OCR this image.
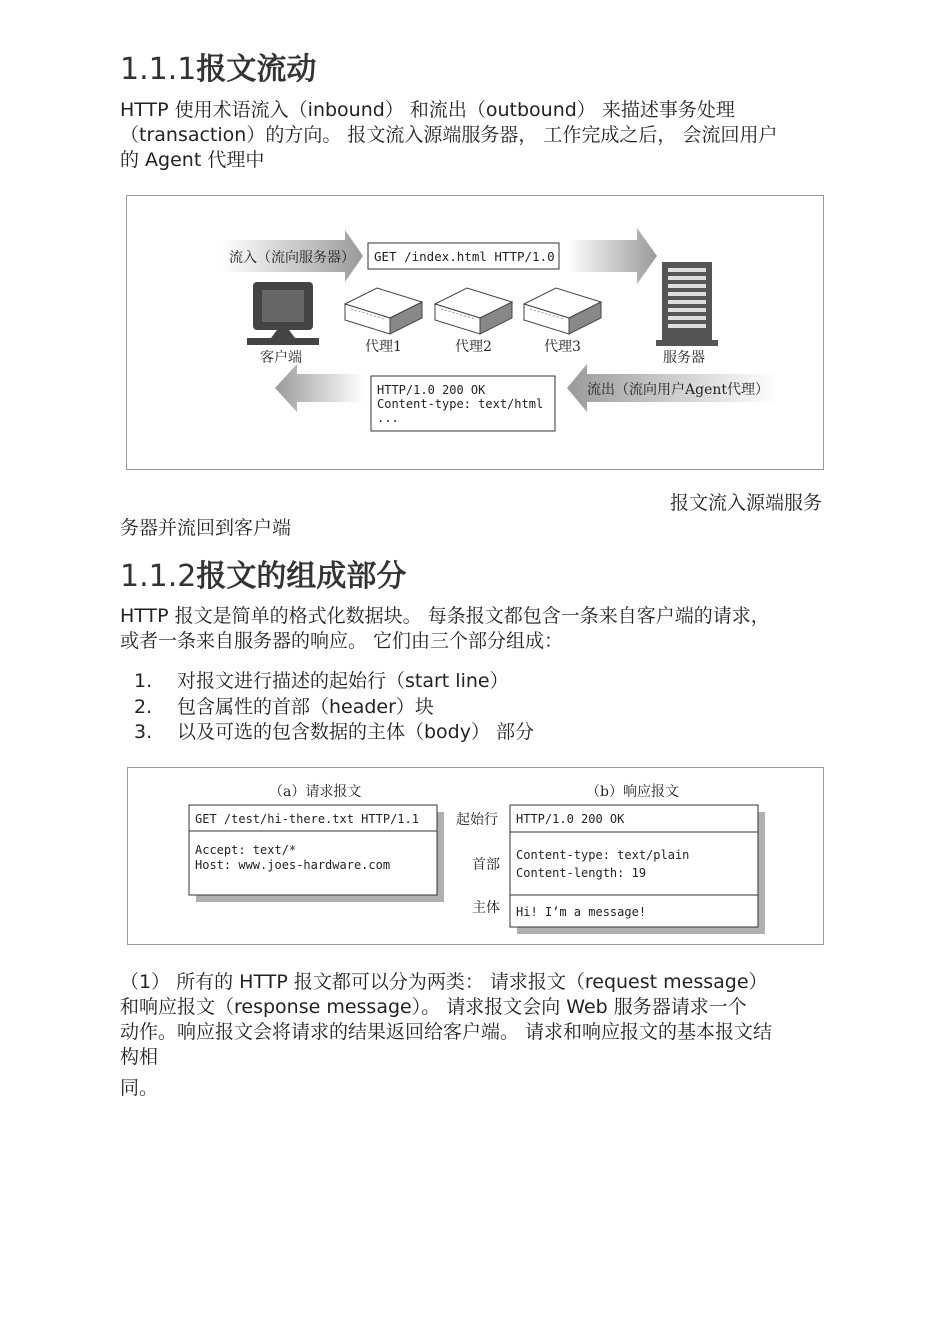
1.1.1报文流动
HTTP 使用术语流入（inbound） 和流出（outbound） 来描述事务处理
（transaction）的方向。 报文流入源端服务器， 工作完成之后， 会流回用户
的 Agent 代理中
流入（流向服务器） GET /index.html HTTP/1.0
客户端
代理1	代理2	代理3
服务器
HTTP/1.0 200 OK
Content-type: text/html
...
流出（流向用户Agent代理）
报文流入源端服务
务器并流回到客户端
1.1.2报文的组成部分
HTTP 报文是简单的格式化数据块。 每条报文都包含一条来自客户端的请求，
或者一条来自服务器的响应。 它们由三个部分组成：
1. 对报文进行描述的起始行（start line）
2. 包含属性的首部（header）块
3. 以及可选的包含数据的主体（body） 部分
（a）请求报文	（b）响应报文
GET /test/hi-there.txt HTTP/1.1
Accept: text/*
Host: www.joes-hardware.com
起始行
首部
主体
HTTP/1.0 200 OK
Content-type: text/plain
Content-length: 19
Hi! I’m a message!
（1） 所有的 HTTP 报文都可以分为两类： 请求报文（request message）
和响应报文（response message）。 请求报文会向 Web 服务器请求一个
动作。响应报文会将请求的结果返回给客户端。 请求和响应报文的基本报文结
构相
同。
